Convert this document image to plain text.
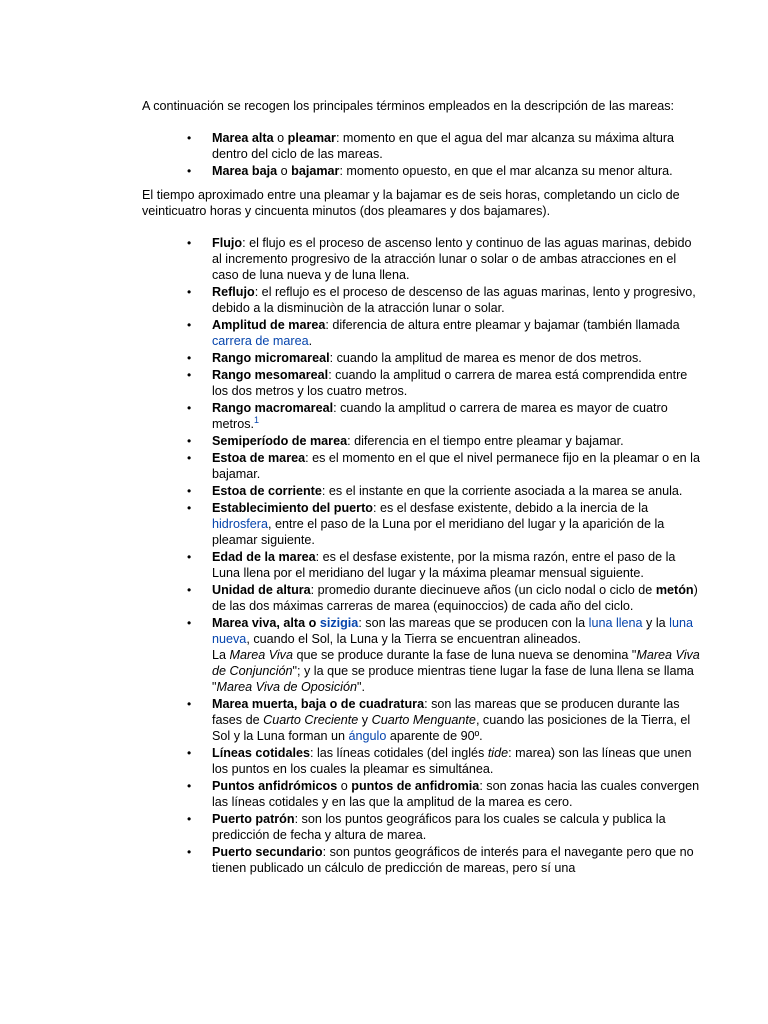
A continuación se recogen los principales términos empleados en la descripción de las mareas:

• Marea alta o pleamar: momento en que el agua del mar alcanza su máxima altura dentro del ciclo de las mareas.
• Marea baja o bajamar: momento opuesto, en que el mar alcanza su menor altura.

El tiempo aproximado entre una pleamar y la bajamar es de seis horas, completando un ciclo de veinticuatro horas y cincuenta minutos (dos pleamares y dos bajamares).

• Flujo: el flujo es el proceso de ascenso lento y continuo de las aguas marinas, debido al incremento progresivo de la atracción lunar o solar o de ambas atracciones en el caso de luna nueva y de luna llena.
• Reflujo: el reflujo es el proceso de descenso de las aguas marinas, lento y progresivo, debido a la disminuciòn de la atracción lunar o solar.
• Amplitud de marea: diferencia de altura entre pleamar y bajamar (también llamada carrera de marea.
• Rango micromareal: cuando la amplitud de marea es menor de dos metros.
• Rango mesomareal: cuando la amplitud o carrera de marea está comprendida entre los dos metros y los cuatro metros.
• Rango macromareal: cuando la amplitud o carrera de marea es mayor de cuatro metros.$^1$
• Semiperíodo de marea: diferencia en el tiempo entre pleamar y bajamar.
• Estoa de marea: es el momento en el que el nivel permanece fijo en la pleamar o en la bajamar.
• Estoa de corriente: es el instante en que la corriente asociada a la marea se anula.
• Establecimiento del puerto: es el desfase existente, debido a la inercia de la hidrosfera, entre el paso de la Luna por el meridiano del lugar y la aparición de la pleamar siguiente.
• Edad de la marea: es el desfase existente, por la misma razón, entre el paso de la Luna llena por el meridiano del lugar y la máxima pleamar mensual siguiente.
• Unidad de altura: promedio durante diecinueve años (un ciclo nodal o ciclo de metón) de las dos máximas carreras de marea (equinoccios) de cada año del ciclo.
• Marea viva, alta o sizigia: son las mareas que se producen con la luna llena y la luna nueva, cuando el Sol, la Luna y la Tierra se encuentran alineados.
La Marea Viva que se produce durante la fase de luna nueva se denomina "Marea Viva de Conjunción"; y la que se produce mientras tiene lugar la fase de luna llena se llama "Marea Viva de Oposición".
• Marea muerta, baja o de cuadratura: son las mareas que se producen durante las fases de Cuarto Creciente y Cuarto Menguante, cuando las posiciones de la Tierra, el Sol y la Luna forman un ángulo aparente de 90º.
• Líneas cotidales: las líneas cotidales (del inglés tide: marea) son las líneas que unen los puntos en los cuales la pleamar es simultánea.
• Puntos anfidrómicos o puntos de anfidromia: son zonas hacia las cuales convergen las líneas cotidales y en las que la amplitud de la marea es cero.
• Puerto patrón: son los puntos geográficos para los cuales se calcula y publica la predicción de fecha y altura de marea.
• Puerto secundario: son puntos geográficos de interés para el navegante pero que no tienen publicado un cálculo de predicción de mareas, pero sí una
